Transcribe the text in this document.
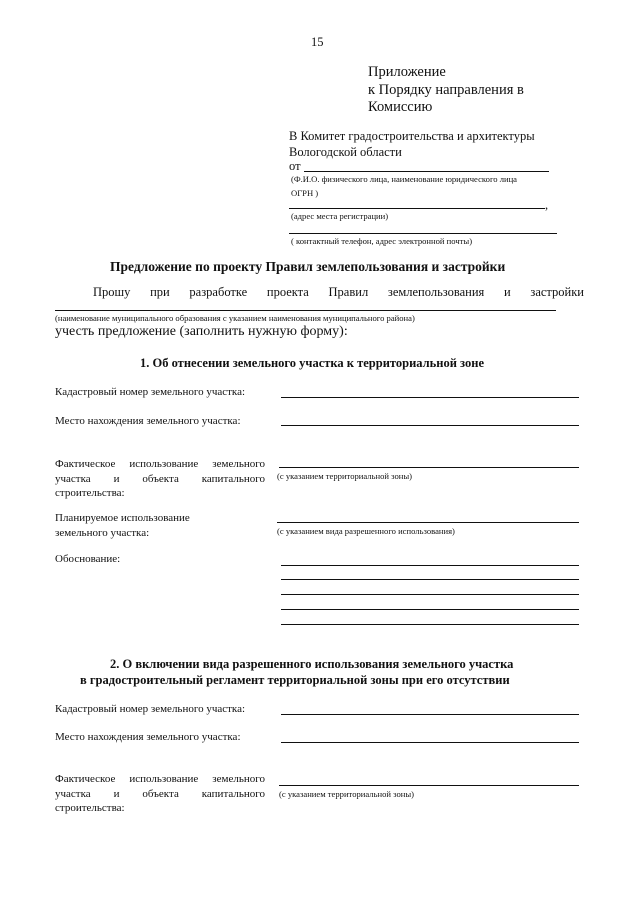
15
Приложение
к Порядку направления в
Комиссию
В Комитет градостроительства и архитектуры
Вологодской области
от
(Ф.И.О. физического лица, наименование юридического лица
ОГРН )
,
(адрес места регистрации)
( контактный телефон, адрес электронной почты)
Предложение по проекту Правил землепользования и застройки
Прошу при разработке проекта Правил землепользования и застройки
(наименование муниципального образования с указанием наименования муниципального района)
учесть предложение (заполнить нужную форму):
1. Об отнесении земельного участка к территориальной зоне
Кадастровый номер земельного участка:
Место нахождения земельного участка:
Фактическое использование земельного
участка и объекта капитального
строительства:
(с указанием территориальной зоны)
Планируемое использование
земельного участка:	(с указанием вида разрешенного использования)
Обоснование:
2. О включении вида разрешенного использования земельного участка
в градостроительный регламент территориальной зоны при его отсутствии
Кадастровый номер земельного участка:
Место нахождения земельного участка:
Фактическое использование земельного
участка и объекта капитального
строительства:
(с указанием территориальной зоны)
